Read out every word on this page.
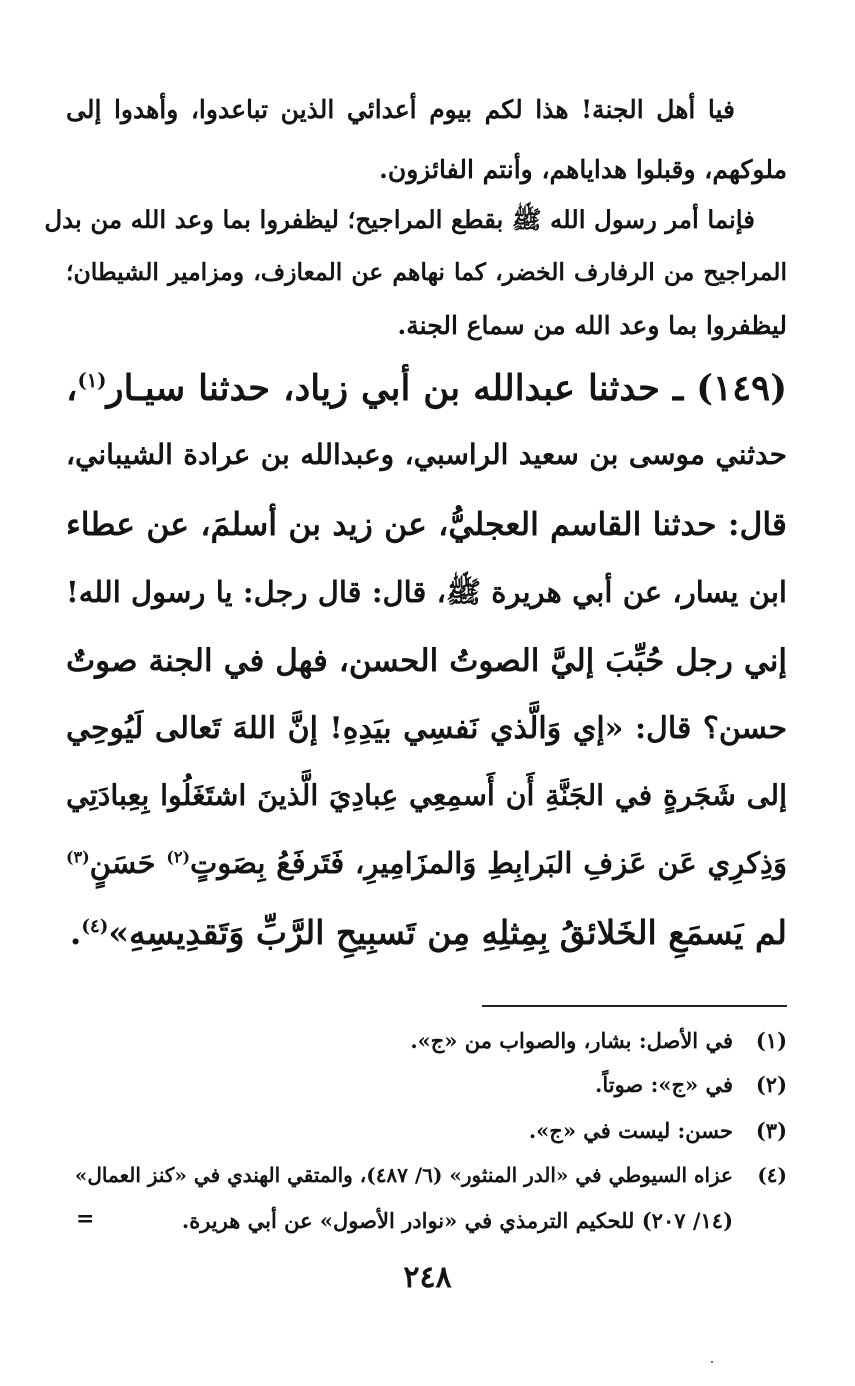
فيا أهل الجنة! هذا لكم بيوم أعدائي الذين تباعدوا، وأهدوا إلى
ملوكهم، وقبلوا هداياهم، وأنتم الفائزون.
فإنما أمر رسول الله ﷺ بقطع المراجيح؛ ليظفروا بما وعد الله من بدل
المراجيح من الرفارف الخضر، كما نهاهم عن المعازف، ومزامير الشيطان؛
ليظفروا بما وعد الله من سماع الجنة.
(١٤٩) ـ حدثنا عبدالله بن أبي زياد، حدثنا سيـار$^{(١)}$،
حدثني موسى بن سعيد الراسبي، وعبدالله بن عرادة الشيباني،
قال: حدثنا القاسم العجليُّ، عن زيد بن أسلمَ، عن عطاء
ابن يسار، عن أبي هريرة ﷺ، قال: قال رجل: يا رسول الله!
إني رجل حُبِّبَ إليَّ الصوتُ الحسن، فهل في الجنة صوتٌ
حسن؟ قال: «إي وَالَّذي نَفسِي بيَدِهِ! إنَّ اللهَ تَعالى لَيُوحِي
إلى شَجَرةٍ في الجَنَّةِ أَن أَسمِعِي عِبادِيَ الَّذينَ اشتَغَلُوا بِعِبادَتِي
وَذِكرِي عَن عَزفِ البَرابِطِ وَالمزَامِيرِ، فَتَرفَعُ بِصَوتٍ$^{(٢)}$ حَسَنٍ$^{(٣)}$
لم يَسمَعِ الخَلائقُ بِمِثلِهِ مِن تَسبِيحِ الرَّبِّ وَتَقدِيسِهِ»$^{(٤)}$.
(١)في الأصل: بشار، والصواب من «ج».
(٢)في «ج»: صوتاً.
(٣)حسن: ليست في «ج».
(٤)عزاه السيوطي في «الدر المنثور» (٦/ ٤٨٧)، والمتقي الهندي في «كنز العمال»
(١٤/ ٢٠٧) للحكيم الترمذي في «نوادر الأصول» عن أبي هريرة.
=
٢٤٨
